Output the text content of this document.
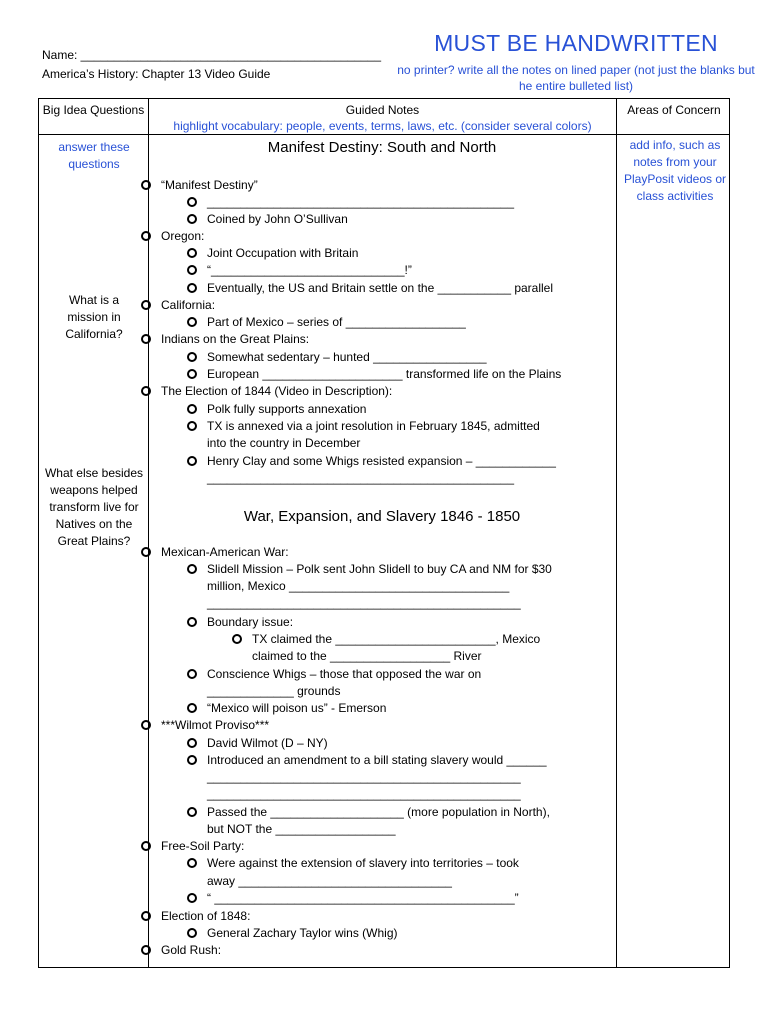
Name: _____________________________________________
America’s History: Chapter 13 Video Guide
MUST BE HANDWRITTEN
no printer? write all the notes on lined paper (not just the blanks but he entire bulleted list)
Big Idea Questions	Guided Notes
highlight vocabulary: people, events, terms, laws, etc. (consider several colors)
Areas of Concern
answer these questions
What is a mission in California?
What else besides weapons helped transform live for Natives on the Great Plains?
add info, such as notes from your PlayPosit videos or class activities
Manifest Destiny: South and North
War, Expansion, and Slavery 1846 - 1850
“Manifest Destiny”
______________________________________________
Coined by John O’Sullivan
Oregon:
Joint Occupation with Britain
“_____________________________!”
Eventually, the US and Britain settle on the ___________ parallel
California:
Part of Mexico – series of __________________
Indians on the Great Plains:
Somewhat sedentary – hunted _________________
European _____________________ transformed life on the Plains
The Election of 1844 (Video in Description):
Polk fully supports annexation
TX is annexed via a joint resolution in February 1845, admitted
into the country in December
Henry Clay and some Whigs resisted expansion – ____________
______________________________________________
Mexican-American War:
Slidell Mission – Polk sent John Slidell to buy CA and NM for $30
million, Mexico _________________________________
_______________________________________________
Boundary issue:
TX claimed the ________________________, Mexico
claimed to the __________________ River
Conscience Whigs – those that opposed the war on
_____________ grounds
“Mexico will poison us” - Emerson
***Wilmot Proviso***
David Wilmot (D – NY)
Introduced an amendment to a bill stating slavery would ______
_______________________________________________
_______________________________________________
Passed the ____________________ (more population in North),
but NOT the __________________
Free-Soil Party:
Were against the extension of slavery into territories – took
away ________________________________
“ _____________________________________________”
Election of 1848:
General Zachary Taylor wins (Whig)
Gold Rush:
